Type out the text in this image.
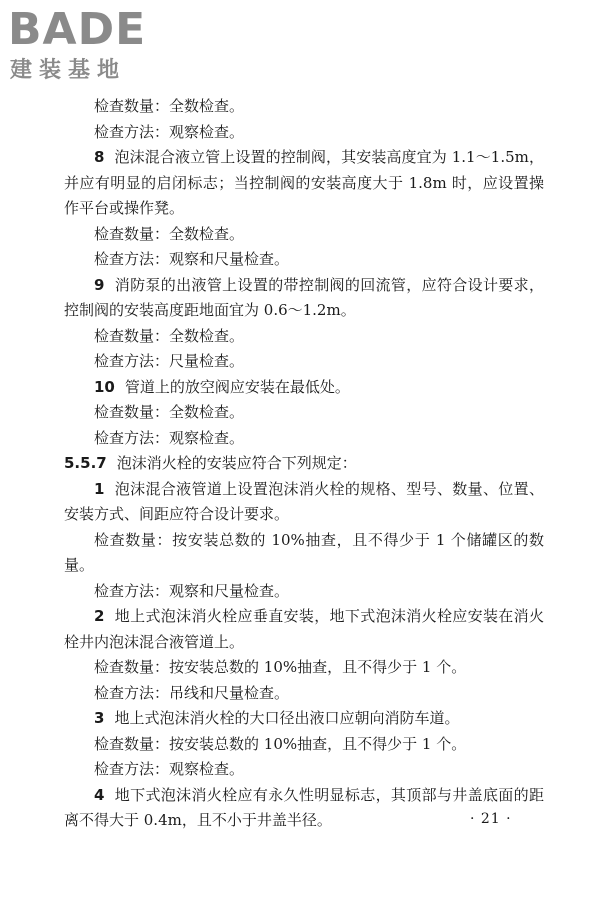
BADE
建装基地

检查数量：全数检查。

检查方法：观察检查。

8 泡沫混合液立管上设置的控制阀，其安装高度宜为 1.1～1.5m，并应有明显的启闭标志；当控制阀的安装高度大于 1.8m 时，应设置操作平台或操作凳。

检查数量：全数检查。

检查方法：观察和尺量检查。

9 消防泵的出液管上设置的带控制阀的回流管，应符合设计要求，控制阀的安装高度距地面宜为 0.6～1.2m。

检查数量：全数检查。

检查方法：尺量检查。

10 管道上的放空阀应安装在最低处。

检查数量：全数检查。

检查方法：观察检查。

5.5.7 泡沫消火栓的安装应符合下列规定：

1 泡沫混合液管道上设置泡沫消火栓的规格、型号、数量、位置、安装方式、间距应符合设计要求。

检查数量：按安装总数的 10%抽查，且不得少于 1 个储罐区的数量。

检查方法：观察和尺量检查。

2 地上式泡沫消火栓应垂直安装，地下式泡沫消火栓应安装在消火栓井内泡沫混合液管道上。

检查数量：按安装总数的 10%抽查，且不得少于 1 个。

检查方法：吊线和尺量检查。

3 地上式泡沫消火栓的大口径出液口应朝向消防车道。

检查数量：按安装总数的 10%抽查，且不得少于 1 个。

检查方法：观察检查。

4 地下式泡沫消火栓应有永久性明显标志，其顶部与井盖底面的距离不得大于 0.4m，且不小于井盖半径。	· 21 ·
